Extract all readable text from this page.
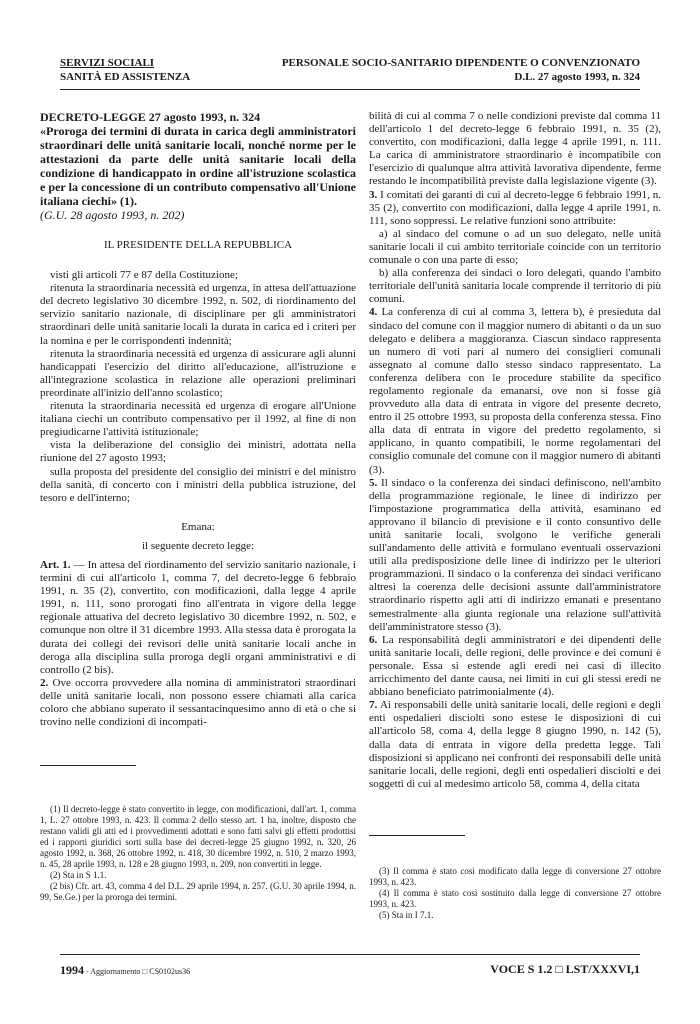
SERVIZI SOCIALI
SANITÀ ED ASSISTENZA
PERSONALE SOCIO-SANITARIO DIPENDENTE O CONVENZIONATO
D.L. 27 agosto 1993, n. 324

DECRETO-LEGGE 27 agosto 1993, n. 324

«Proroga dei termini di durata in carica degli amministratori straordinari delle unità sanitarie locali, nonché norme per le attestazioni da parte delle unità sanitarie locali della condizione di handicappato in ordine all'istruzione scolastica e per la concessione di un contributo compensativo all'Unione italiana ciechi» (1).

(G.U. 28 agosto 1993, n. 202)

IL PRESIDENTE DELLA REPUBBLICA

visti gli articoli 77 e 87 della Costituzione;

ritenuta la straordinaria necessità ed urgenza, in attesa dell'attuazione del decreto legislativo 30 dicembre 1992, n. 502, di riordinamento del servizio sanitario nazionale, di disciplinare per gli amministratori straordinari delle unità sanitarie locali la durata in carica ed i criteri per la nomina e per le corrispondenti indennità;

ritenuta la straordinaria necessità ed urgenza di assicurare agli alunni handicappati l'esercizio del diritto all'educazione, all'istruzione e all'integrazione scolastica in relazione alle operazioni preliminari preordinate all'inizio dell'anno scolastico;

ritenuta la straordinaria necessità ed urgenza di erogare all'Unione italiana ciechi un contributo compensativo per il 1992, al fine di non pregiudicarne l'attività istituzionale;

vista la deliberazione del consiglio dei ministri, adottata nella riunione del 27 agosto 1993;

sulla proposta del presidente del consiglio dei ministri e del ministro della sanità, di concerto con i ministri della pubblica istruzione, del tesoro e dell'interno;

Emana:

il seguente decreto legge:

Art. 1. — In attesa del riordinamento del servizio sanitario nazionale, i termini di cui all'articolo 1, comma 7, del decreto-legge 6 febbraio 1991, n. 35 (2), convertito, con modificazioni, dalla legge 4 aprile 1991, n. 111, sono prorogati fino all'entrata in vigore della legge regionale attuativa del decreto legislativo 30 dicembre 1992, n. 502, e comunque non oltre il 31 dicembre 1993. Alla stessa data è prorogata la durata dei collegi dei revisori delle unità sanitarie locali anche in deroga alla disciplina sulla proroga degli organi amministrativi e di controllo (2 bis).

2. Ove occorra provvedere alla nomina di amministratori straordinari delle unità sanitarie locali, non possono essere chiamati alla carica coloro che abbiano superato il sessantacinquesimo anno di età o che si trovino nelle condizioni di incompati-

(1) Il decreto-legge è stato convertito in legge, con modificazioni, dall'art. 1, comma 1, L. 27 ottobre 1993, n. 423. Il comma 2 dello stesso art. 1 ha, inoltre, disposto che restano validi gli atti ed i provvedimenti adottati e sono fatti salvi gli effetti prodottisi ed i rapporti giuridici sorti sulla base dei decreti-legge 25 giugno 1992, n. 320, 26 agosto 1992, n. 368, 26 ottobre 1992, n. 418, 30 dicembre 1992, n. 510, 2 marzo 1993, n. 45, 28 aprile 1993, n. 128 e 28 giugno 1993, n. 209, non convertiti in legge.

(2) Sta in S 1.1.

(2 bis) Cfr. art. 43, comma 4 del D.L. 29 aprile 1994, n. 257. (G.U. 30 aprile 1994, n. 99, Se.Ge.) per la proroga dei termini.

bilità di cui al comma 7 o nelle condizioni previste dal comma 11 dell'articolo 1 del decreto-legge 6 febbraio 1991, n. 35 (2), convertito, con modificazioni, dalla legge 4 aprile 1991, n. 111. La carica di amministratore straordinario è incompatibile con l'esercizio di qualunque altra attività lavorativa dipendente, ferme restando le incompatibilità previste dalla legislazione vigente (3).

3. I comitati dei garanti di cui al decreto-legge 6 febbraio 1991, n. 35 (2), convertito con modificazioni, dalla legge 4 aprile 1991, n. 111, sono soppressi. Le relative funzioni sono attribuite:

a) al sindaco del comune o ad un suo delegato, nelle unità sanitarie locali il cui ambito territoriale coincide con un territorio comunale o con una parte di esso;

b) alla conferenza dei sindaci o loro delegati, quando l'ambito territoriale dell'unità sanitaria locale comprende il territorio di più comuni.

4. La conferenza di cui al comma 3, lettera b), è presieduta dal sindaco del comune con il maggior numero di abitanti o da un suo delegato e delibera a maggioranza. Ciascun sindaco rappresenta un numero di voti pari al numero dei consiglieri comunali assegnato al comune dallo stesso sindaco rappresentato. La conferenza delibera con le procedure stabilite da specifico regolamento regionale da emanarsi, ove non si fosse già provveduto alla data di entrata in vigore del presente decreto, entro il 25 ottobre 1993, su proposta della conferenza stessa. Fino alla data di entrata in vigore del predetto regolamento, si applicano, in quanto compatibili, le norme regolamentari del consiglio comunale del comune con il maggior numero di abitanti (3).

5. Il sindaco o la conferenza dei sindaci definiscono, nell'ambito della programmazione regionale, le linee di indirizzo per l'impostazione programmatica della attività, esaminano ed approvano il bilancio di previsione e il conto consuntivo delle unità sanitarie locali, svolgono le verifiche generali sull'andamento delle attività e formulano eventuali osservazioni utili alla predisposizione delle linee di indirizzo per le ulteriori programmazioni. Il sindaco o la conferenza dei sindaci verificano altresì la coerenza delle decisioni assunte dall'amministratore straordinario rispetto agli atti di indirizzo emanati e presentano semestralmente alla giunta regionale una relazione sull'attività dell'amministratore stesso (3).

6. La responsabilità degli amministratori e dei dipendenti delle unità sanitarie locali, delle regioni, delle province e dei comuni è personale. Essa si estende agli eredi nei casi di illecito arricchimento del dante causa, nei limiti in cui gli stessi eredi ne abbiano beneficiato patrimonialmente (4).

7. Ai responsabili delle unità sanitarie locali, delle regioni e degli enti ospedalieri disciolti sono estese le disposizioni di cui all'articolo 58, coma 4, della legge 8 giugno 1990, n. 142 (5), dalla data di entrata in vigore della predetta legge. Tali disposizioni si applicano nei confronti dei responsabili delle unità sanitarie locali, delle regioni, degli enti ospedalieri disciolti e dei soggetti di cui al medesimo articolo 58, comma 4, della citata

(3) Il comma è stato così modificato dalla legge di conversione 27 ottobre 1993, n. 423.

(4) Il comma è stato così sostituito dalla legge di conversione 27 ottobre 1993, n. 423.

(5) Sta in I 7.1.

1994 - Aggiornamento □ CS0102us36	VOCE S 1.2 □ LST/XXXVI,1
